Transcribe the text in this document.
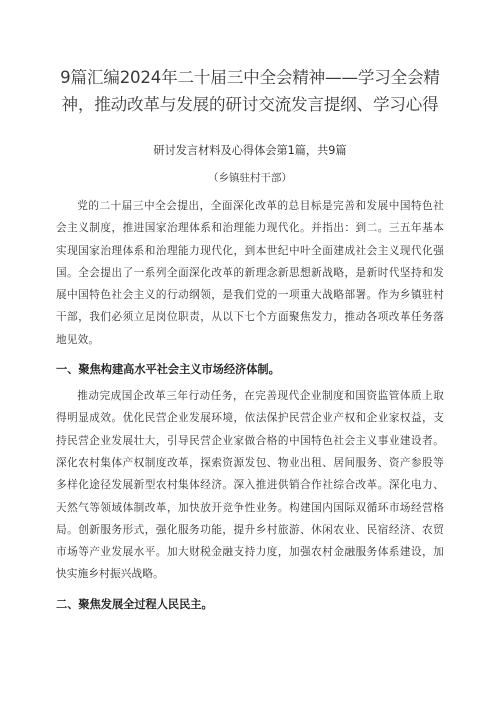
9篇汇编2024年二十届三中全会精神——学习全会精神，推动改革与发展的研讨交流发言提纲、学习心得

研讨发言材料及心得体会第1篇，共9篇

（乡镇驻村干部）

党的二十届三中全会提出，全面深化改革的总目标是完善和发展中国特色社会主义制度，推进国家治理体系和治理能力现代化。并指出：到二。三五年基本实现国家治理体系和治理能力现代化，到本世纪中叶全面建成社会主义现代化强国。全会提出了一系列全面深化改革的新理念新思想新战略，是新时代坚持和发展中国特色社会主义的行动纲领，是我们党的一项重大战略部署。作为乡镇驻村干部，我们必须立足岗位职责，从以下七个方面聚焦发力，推动各项改革任务落地见效。

一、聚焦构建高水平社会主义市场经济体制。

推动完成国企改革三年行动任务，在完善现代企业制度和国资监管体质上取得明显成效。优化民营企业发展环境，依法保护民营企业产权和企业家权益，支持民营企业发展壮大，引导民营企业家做合格的中国特色社会主义事业建设者。深化农村集体产权制度改革，探索资源发包、物业出租、居间服务、资产参股等多样化途径发展新型农村集体经济。深入推进供销合作社综合改革。深化电力、天然气等领域体制改革，加快放开竞争性业务。构建国内国际双循环市场经营格局。创新服务形式，强化服务功能，提升乡村旅游、休闲农业、民宿经济、农贸市场等产业发展水平。加大财税金融支持力度，加强农村金融服务体系建设，加快实施乡村振兴战略。

二、聚焦发展全过程人民民主。
